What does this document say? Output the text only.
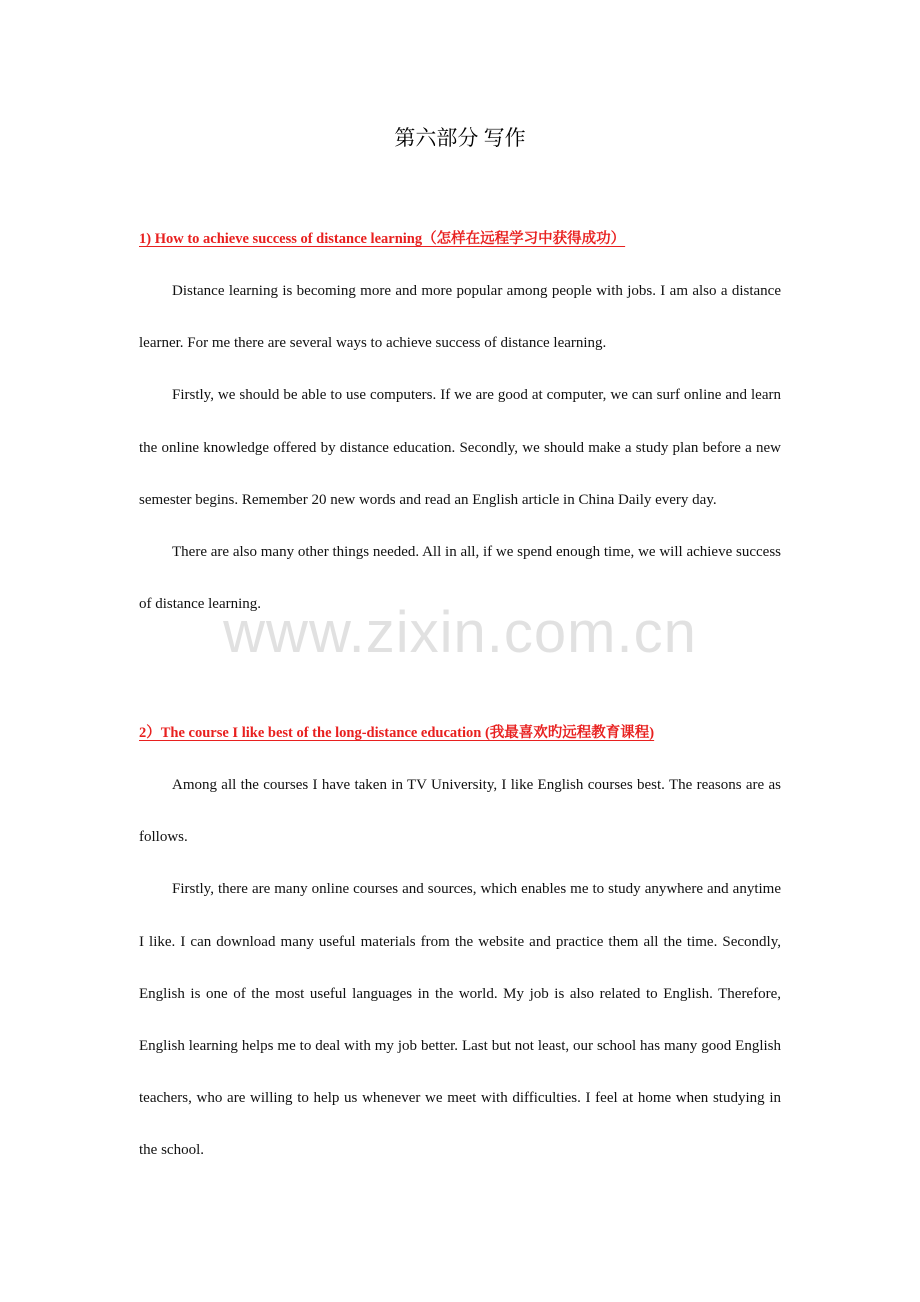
第六部分 写作
1) How to achieve success of distance learning（怎样在远程学习中获得成功）

Distance learning is becoming more and more popular among people with jobs. I am also a distance learner. For me there are several ways to achieve success of distance learning.

Firstly, we should be able to use computers. If we are good at computer, we can surf online and learn the online knowledge offered by distance education. Secondly, we should make a study plan before a new semester begins. Remember 20 new words and read an English article in China Daily every day.

There are also many other things needed. All in all, if we spend enough time, we will achieve success of distance learning.

2）The course I like best of the long-distance education (我最喜欢旳远程教育课程)

Among all the courses I have taken in TV University, I like English courses best. The reasons are as follows.

Firstly, there are many online courses and sources, which enables me to study anywhere and anytime I like. I can download many useful materials from the website and practice them all the time. Secondly, English is one of the most useful languages in the world. My job is also related to English. Therefore, English learning helps me to deal with my job better. Last but not least, our school has many good English teachers, who are willing to help us whenever we meet with difficulties. I feel at home when studying in the school.

www.zixin.com.cn
